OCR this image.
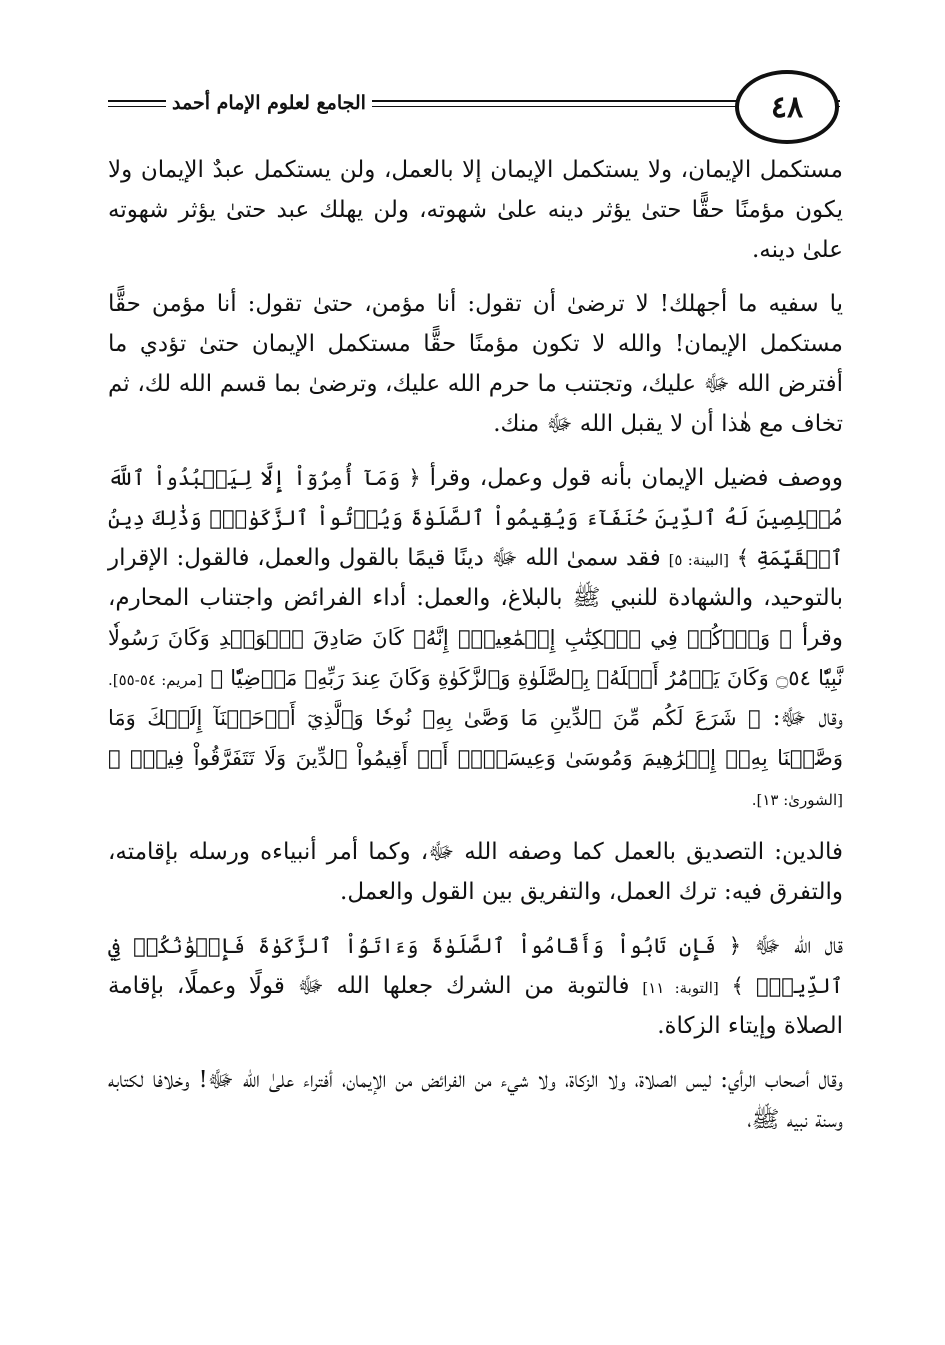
٤٨
الجامع لعلوم الإمام أحمد

مستكمل الإيمان، ولا يستكمل الإيمان إلا بالعمل، ولن يستكمل عبدٌ الإيمان ولا يكون مؤمنًا حقًّا حتىٰ يؤثر دينه علىٰ شهوته، ولن يهلك عبد حتىٰ يؤثر شهوته علىٰ دينه.

يا سفيه ما أجهلك! لا ترضىٰ أن تقول: أنا مؤمن، حتىٰ تقول: أنا مؤمن حقًّا مستكمل الإيمان! والله لا تكون مؤمنًا حقًّا مستكمل الإيمان حتىٰ تؤدي ما أفترض الله ﷻ عليك، وتجتنب ما حرم الله عليك، وترضىٰ بما قسم الله لك، ثم تخاف مع هٰذا أن لا يقبل الله ﷻ منك.

ووصف فضيل الإيمان بأنه قول وعمل، وقرأ ﴿ وَمَآ أُمِرُوٓاْ إِلَّا لِيَعۡبُدُواْ ٱللَّهَ مُخۡلِصِينَ لَهُ ٱلدِّينَ حُنَفَآءَ وَيُقِيمُواْ ٱلصَّلَوٰةَ وَيُؤۡتُواْ ٱلزَّكَوٰةَۚ وَذَٰلِكَ دِينُ ٱلۡقَيِّمَةِ ﴾ [البينة: ٥] فقد سمىٰ الله ﷻ دينًا قيمًا بالقول والعمل، فالقول: الإقرار بالتوحيد، والشهادة للنبي ﷺ بالبلاغ، والعمل: أداء الفرائض واجتناب المحارم، وقرأ ﴿ وَٱذۡكُرۡ فِي ٱلۡكِتَٰبِ إِسۡمَٰعِيلَۚ إِنَّهُۥ كَانَ صَادِقَ ٱلۡوَعۡدِ وَكَانَ رَسُولٗا نَّبِيّٗا ۝٥٤ وَكَانَ يَأۡمُرُ أَهۡلَهُۥ بِٱلصَّلَوٰةِ وَٱلزَّكَوٰةِ وَكَانَ عِندَ رَبِّهِۦ مَرۡضِيّٗا ﴾ [مريم: ٥٤-٥٥]. وقال ﷻ: ﴿ شَرَعَ لَكُم مِّنَ ٱلدِّينِ مَا وَصَّىٰ بِهِۦ نُوحٗا وَٱلَّذِيٓ أَوۡحَيۡنَآ إِلَيۡكَ وَمَا وَصَّيۡنَا بِهِۦٓ إِبۡرَٰهِيمَ وَمُوسَىٰ وَعِيسَىٰٓۖ أَنۡ أَقِيمُواْ ٱلدِّينَ وَلَا تَتَفَرَّقُواْ فِيهِۚ ﴾ [الشورىٰ: ١٣].

فالدين: التصديق بالعمل كما وصفه الله ﷻ، وكما أمر أنبياءه ورسله بإقامته، والتفرق فيه: ترك العمل، والتفريق بين القول والعمل.

قال الله ﷻ ﴿ فَإِن تَابُواْ وَأَقَامُواْ ٱلصَّلَوٰةَ وَءَاتَوُاْ ٱلزَّكَوٰةَ فَإِخۡوَٰنُكُمۡ فِي ٱلدِّينِۗ ﴾ [التوبة: ١١] فالتوبة من الشرك جعلها الله ﷻ قولًا وعملًا، بإقامة الصلاة وإيتاء الزكاة.

وقال أصحاب الرأي: ليس الصلاة، ولا الزكاة، ولا شيء من الفرائض من الإيمان، أفتراء علىٰ الله ﷻ! وخلافا لكتابه وسنة نبيه ﷺ،
